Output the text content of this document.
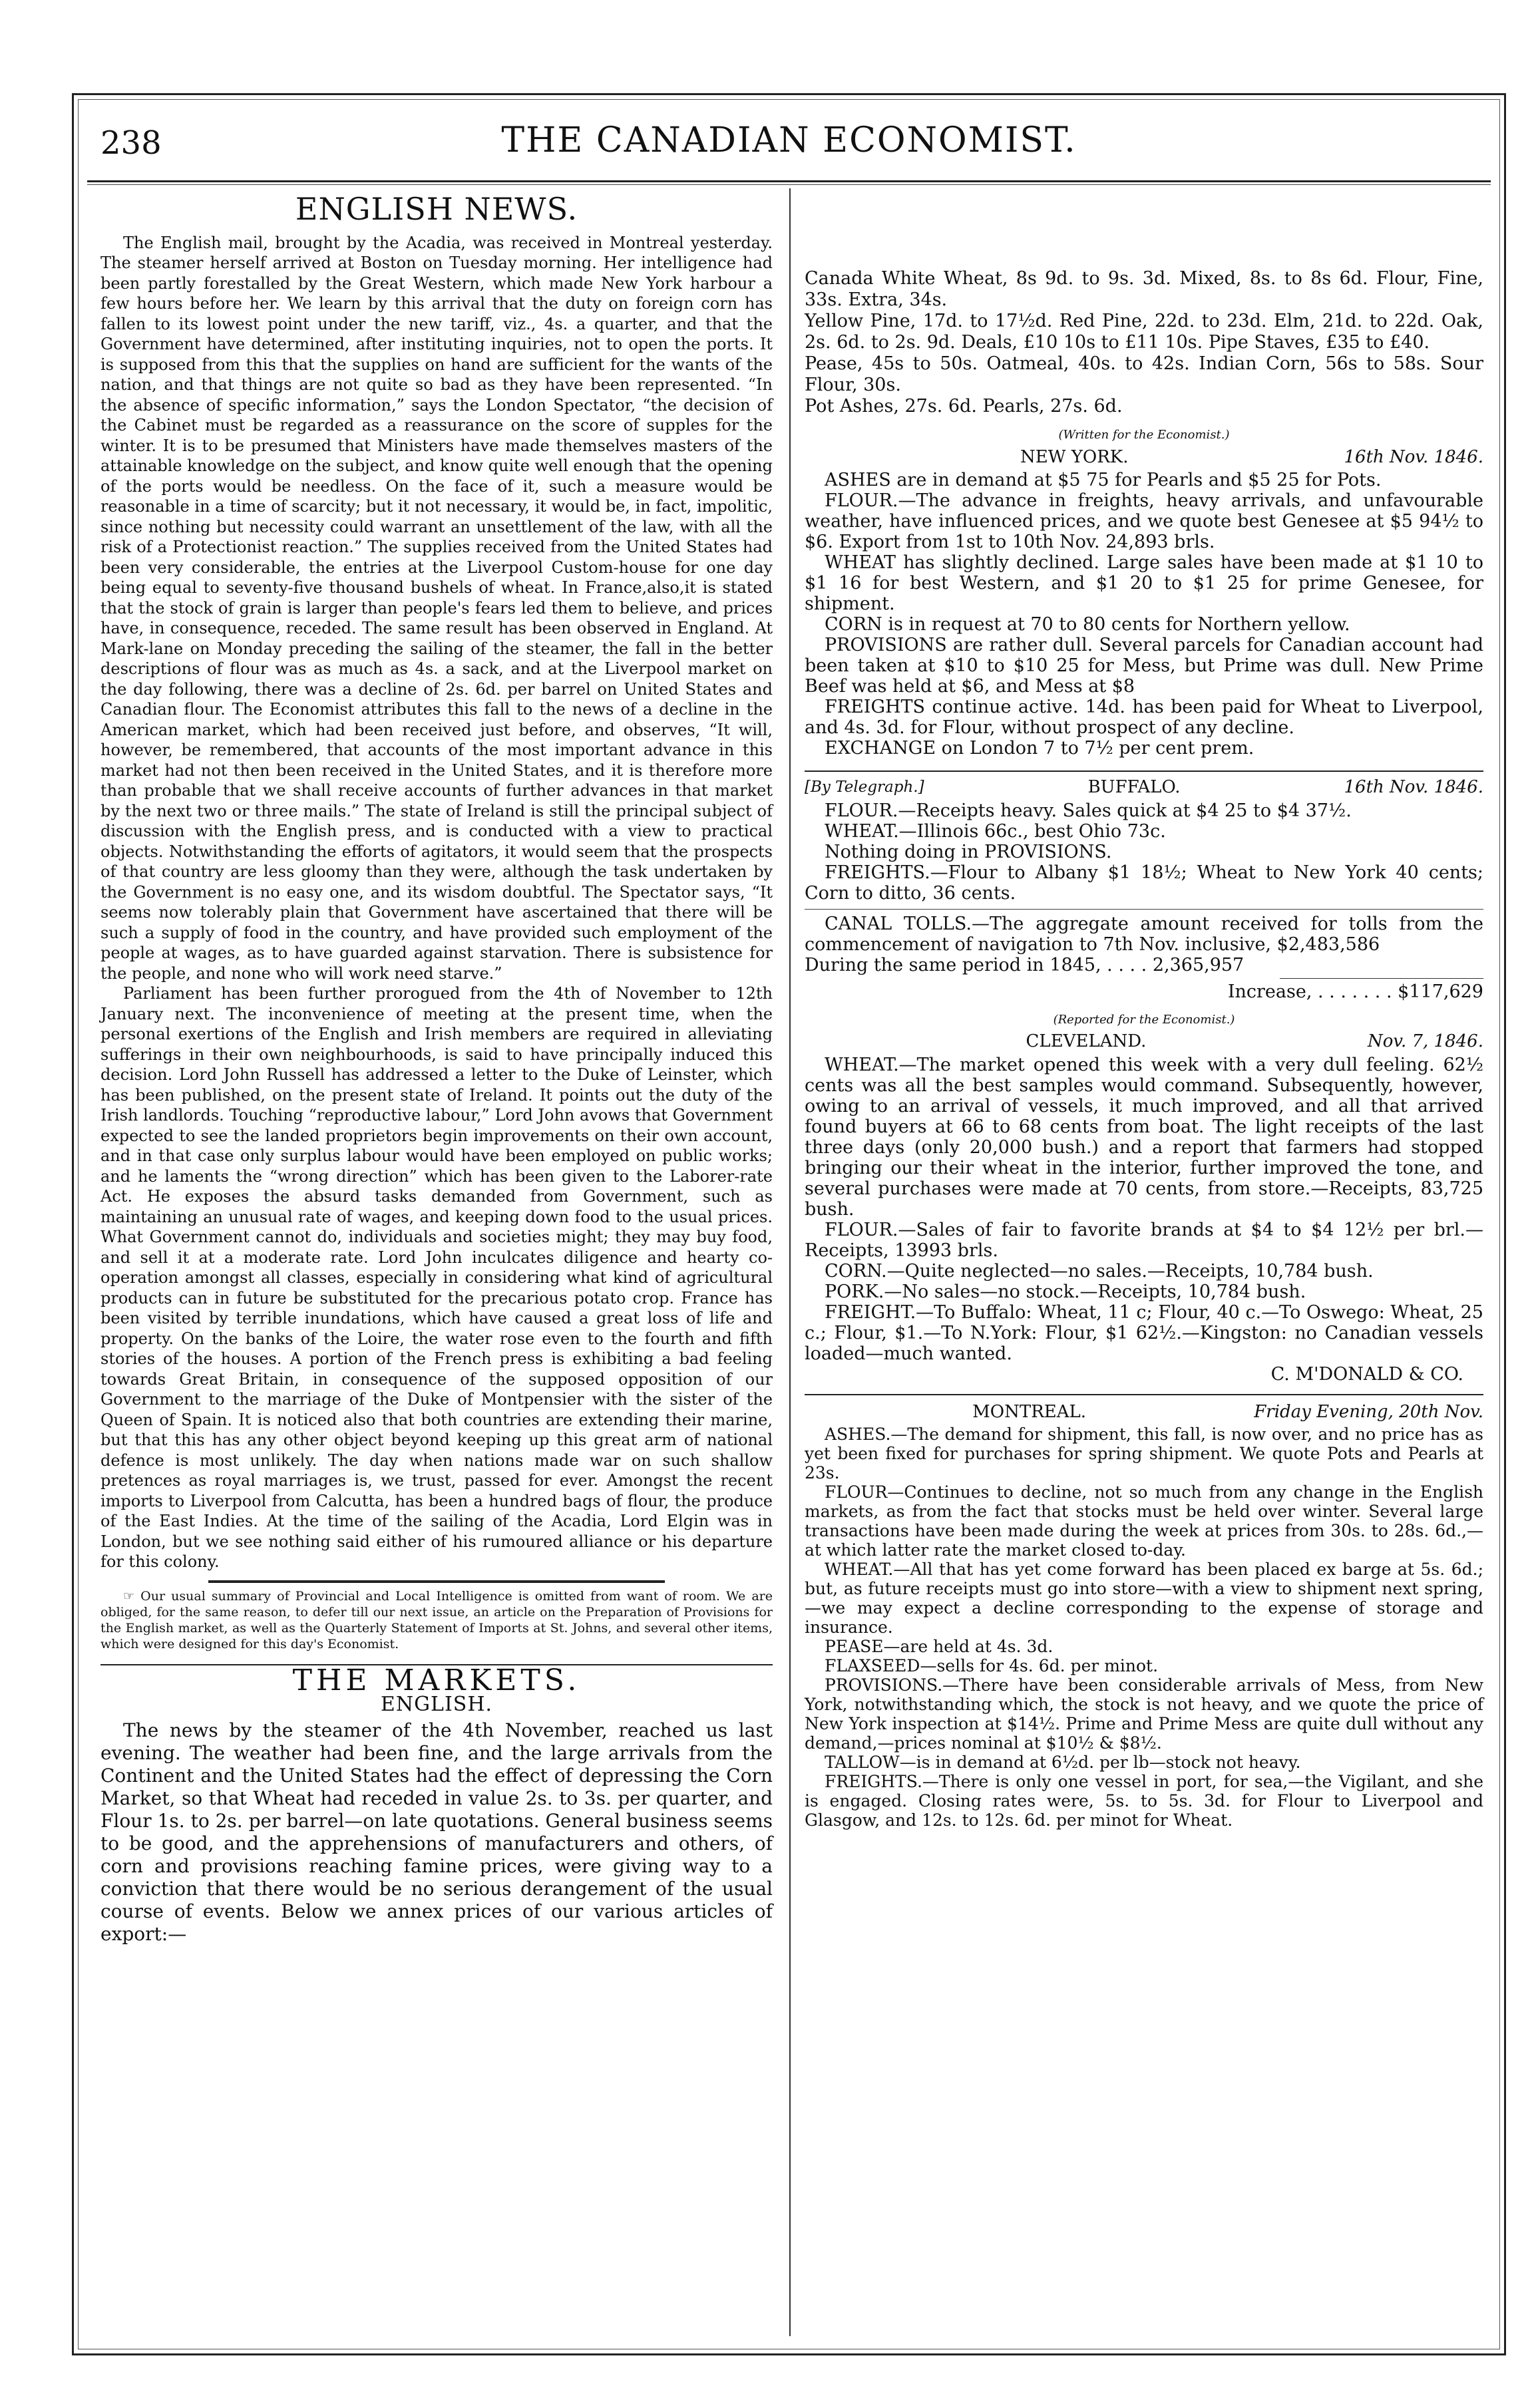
238	THE CANADIAN ECONOMIST.
ENGLISH NEWS.

The English mail, brought by the Acadia, was received in Montreal yesterday. The steamer herself arrived at Boston on Tuesday morning. Her intelligence had been partly forestalled by the Great Western, which made New York harbour a few hours before her. We learn by this arrival that the duty on foreign corn has fallen to its lowest point under the new tariff, viz., 4s. a quarter, and that the Government have determined, after instituting inquiries, not to open the ports. It is supposed from this that the supplies on hand are sufficient for the wants of the nation, and that things are not quite so bad as they have been represented. “In the absence of specific information,” says the London Spectator, “the decision of the Cabinet must be regarded as a reassurance on the score of supples for the winter. It is to be presumed that Ministers have made themselves masters of the attainable knowledge on the subject, and know quite well enough that the opening of the ports would be needless. On the face of it, such a measure would be reasonable in a time of scarcity; but it not necessary, it would be, in fact, impolitic, since nothing but necessity could warrant an unsettlement of the law, with all the risk of a Protectionist reaction.” The supplies received from the United States had been very considerable, the entries at the Liverpool Custom-house for one day being equal to seventy-five thousand bushels of wheat. In France,also,it is stated that the stock of grain is larger than people's fears led them to believe, and prices have, in consequence, receded. The same result has been observed in England. At Mark-lane on Monday preceding the sailing of the steamer, the fall in the better descriptions of flour was as much as 4s. a sack, and at the Liverpool market on the day following, there was a decline of 2s. 6d. per barrel on United States and Canadian flour. The Economist attributes this fall to the news of a decline in the American market, which had been received just before, and observes, “It will, however, be remembered, that accounts of the most important advance in this market had not then been received in the United States, and it is therefore more than probable that we shall receive accounts of further advances in that market by the next two or three mails.” The state of Ireland is still the principal subject of discussion with the English press, and is conducted with a view to practical objects. Notwithstanding the efforts of agitators, it would seem that the prospects of that country are less gloomy than they were, although the task undertaken by the Government is no easy one, and its wisdom doubtful. The Spectator says, “It seems now tolerably plain that Government have ascertained that there will be such a supply of food in the country, and have provided such employment of the people at wages, as to have guarded against starvation. There is subsistence for the people, and none who will work need starve.”

Parliament has been further prorogued from the 4th of November to 12th January next. The inconvenience of meeting at the present time, when the personal exertions of the English and Irish members are required in alleviating sufferings in their own neighbourhoods, is said to have principally induced this decision. Lord John Russell has addressed a letter to the Duke of Leinster, which has been published, on the present state of Ireland. It points out the duty of the Irish landlords. Touching “reproductive labour,” Lord John avows that Government expected to see the landed proprietors begin improvements on their own account, and in that case only surplus labour would have been employed on public works; and he laments the “wrong direction” which has been given to the Laborer-rate Act. He exposes the absurd tasks demanded from Government, such as maintaining an unusual rate of wages, and keeping down food to the usual prices. What Government cannot do, individuals and societies might; they may buy food, and sell it at a moderate rate. Lord John inculcates diligence and hearty co-operation amongst all classes, especially in considering what kind of agricultural products can in future be substituted for the precarious potato crop. France has been visited by terrible inundations, which have caused a great loss of life and property. On the banks of the Loire, the water rose even to the fourth and fifth stories of the houses. A portion of the French press is exhibiting a bad feeling towards Great Britain, in consequence of the supposed opposition of our Government to the marriage of the Duke of Montpensier with the sister of the Queen of Spain. It is noticed also that both countries are extending their marine, but that this has any other object beyond keeping up this great arm of national defence is most unlikely. The day when nations made war on such shallow pretences as royal marriages is, we trust, passed for ever. Amongst the recent imports to Liverpool from Calcutta, has been a hundred bags of flour, the produce of the East Indies. At the time of the sailing of the Acadia, Lord Elgin was in London, but we see nothing said either of his rumoured alliance or his departure for this colony.

☞ Our usual summary of Provincial and Local Intelligence is omitted from want of room. We are obliged, for the same reason, to defer till our next issue, an article on the Preparation of Provisions for the English market, as well as the Quarterly Statement of Imports at St. Johns, and several other items, which were designed for this day's Economist.

THE MARKETS.
ENGLISH.

The news by the steamer of the 4th November, reached us last evening. The weather had been fine, and the large arrivals from the Continent and the United States had the effect of depressing the Corn Market, so that Wheat had receded in value 2s. to 3s. per quarter, and Flour 1s. to 2s. per barrel—on late quotations. General business seems to be good, and the apprehensions of manufacturers and others, of corn and provisions reaching famine prices, were giving way to a conviction that there would be no serious derangement of the usual course of events. Below we annex prices of our various articles of export:—

Canada White Wheat, 8s 9d. to 9s. 3d. Mixed, 8s. to 8s 6d. Flour, Fine, 33s. Extra, 34s.

Yellow Pine, 17d. to 17½d. Red Pine, 22d. to 23d. Elm, 21d. to 22d. Oak, 2s. 6d. to 2s. 9d. Deals, £10 10s to £11 10s. Pipe Staves, £35 to £40.

Pease, 45s to 50s. Oatmeal, 40s. to 42s. Indian Corn, 56s to 58s. Sour Flour, 30s.

Pot Ashes, 27s. 6d. Pearls, 27s. 6d.

(Written for the Economist.)
NEW YORK.	16th Nov. 1846.

ASHES are in demand at $5 75 for Pearls and $5 25 for Pots.

FLOUR.—The advance in freights, heavy arrivals, and unfavourable weather, have influenced prices, and we quote best Genesee at $5 94½ to $6. Export from 1st to 10th Nov. 24,893 brls.

WHEAT has slightly declined. Large sales have been made at $1 10 to $1 16 for best Western, and $1 20 to $1 25 for prime Genesee, for shipment.

CORN is in request at 70 to 80 cents for Northern yellow.

PROVISIONS are rather dull. Several parcels for Canadian account had been taken at $10 to $10 25 for Mess, but Prime was dull. New Prime Beef was held at $6, and Mess at $8

FREIGHTS continue active. 14d. has been paid for Wheat to Liverpool, and 4s. 3d. for Flour, without prospect of any decline.

EXCHANGE on London 7 to 7½ per cent prem.

[By Telegraph.]	BUFFALO.	16th Nov. 1846.

FLOUR.—Receipts heavy. Sales quick at $4 25 to $4 37½.

WHEAT.—Illinois 66c., best Ohio 73c.

Nothing doing in PROVISIONS.

FREIGHTS.—Flour to Albany $1 18½; Wheat to New York 40 cents; Corn to ditto, 36 cents.

CANAL TOLLS.—The aggregate amount received for tolls from the commencement of navigation to 7th Nov. inclusive, $2,483,586

During the same period in 1845, . . . . 2,365,957

Increase, . . . . . . . $117,629
(Reported for the Economist.)
CLEVELAND.	Nov. 7, 1846.

WHEAT.—The market opened this week with a very dull feeling. 62½ cents was all the best samples would command. Subsequently, however, owing to an arrival of vessels, it much improved, and all that arrived found buyers at 66 to 68 cents from boat. The light receipts of the last three days (only 20,000 bush.) and a report that farmers had stopped bringing our their wheat in the interior, further improved the tone, and several purchases were made at 70 cents, from store.—Receipts, 83,725 bush.

FLOUR.—Sales of fair to favorite brands at $4 to $4 12½ per brl.—Receipts, 13993 brls.

CORN.—Quite neglected—no sales.—Receipts, 10,784 bush.

PORK.—No sales—no stock.—Receipts, 10,784 bush.

FREIGHT.—To Buffalo: Wheat, 11 c; Flour, 40 c.—To Oswego: Wheat, 25 c.; Flour, $1.—To N.York: Flour, $1 62½.—Kingston: no Canadian vessels loaded—much wanted.

C. M'DONALD & CO.
MONTREAL.	Friday Evening, 20th Nov.

ASHES.—The demand for shipment, this fall, is now over, and no price has as yet been fixed for purchases for spring shipment. We quote Pots and Pearls at 23s.

FLOUR—Continues to decline, not so much from any change in the English markets, as from the fact that stocks must be held over winter. Several large transactions have been made during the week at prices from 30s. to 28s. 6d.,—at which latter rate the market closed to-day.

WHEAT.—All that has yet come forward has been placed ex barge at 5s. 6d.; but, as future receipts must go into store—with a view to shipment next spring,—we may expect a decline corresponding to the expense of storage and insurance.

PEASE—are held at 4s. 3d.

FLAXSEED—sells for 4s. 6d. per minot.

PROVISIONS.—There have been considerable arrivals of Mess, from New York, notwithstanding which, the stock is not heavy, and we quote the price of New York inspection at $14½. Prime and Prime Mess are quite dull without any demand,—prices nominal at $10½ & $8½.

TALLOW—is in demand at 6½d. per lb—stock not heavy.

FREIGHTS.—There is only one vessel in port, for sea,—the Vigilant, and she is engaged. Closing rates were, 5s. to 5s. 3d. for Flour to Liverpool and Glasgow, and 12s. to 12s. 6d. per minot for Wheat.
